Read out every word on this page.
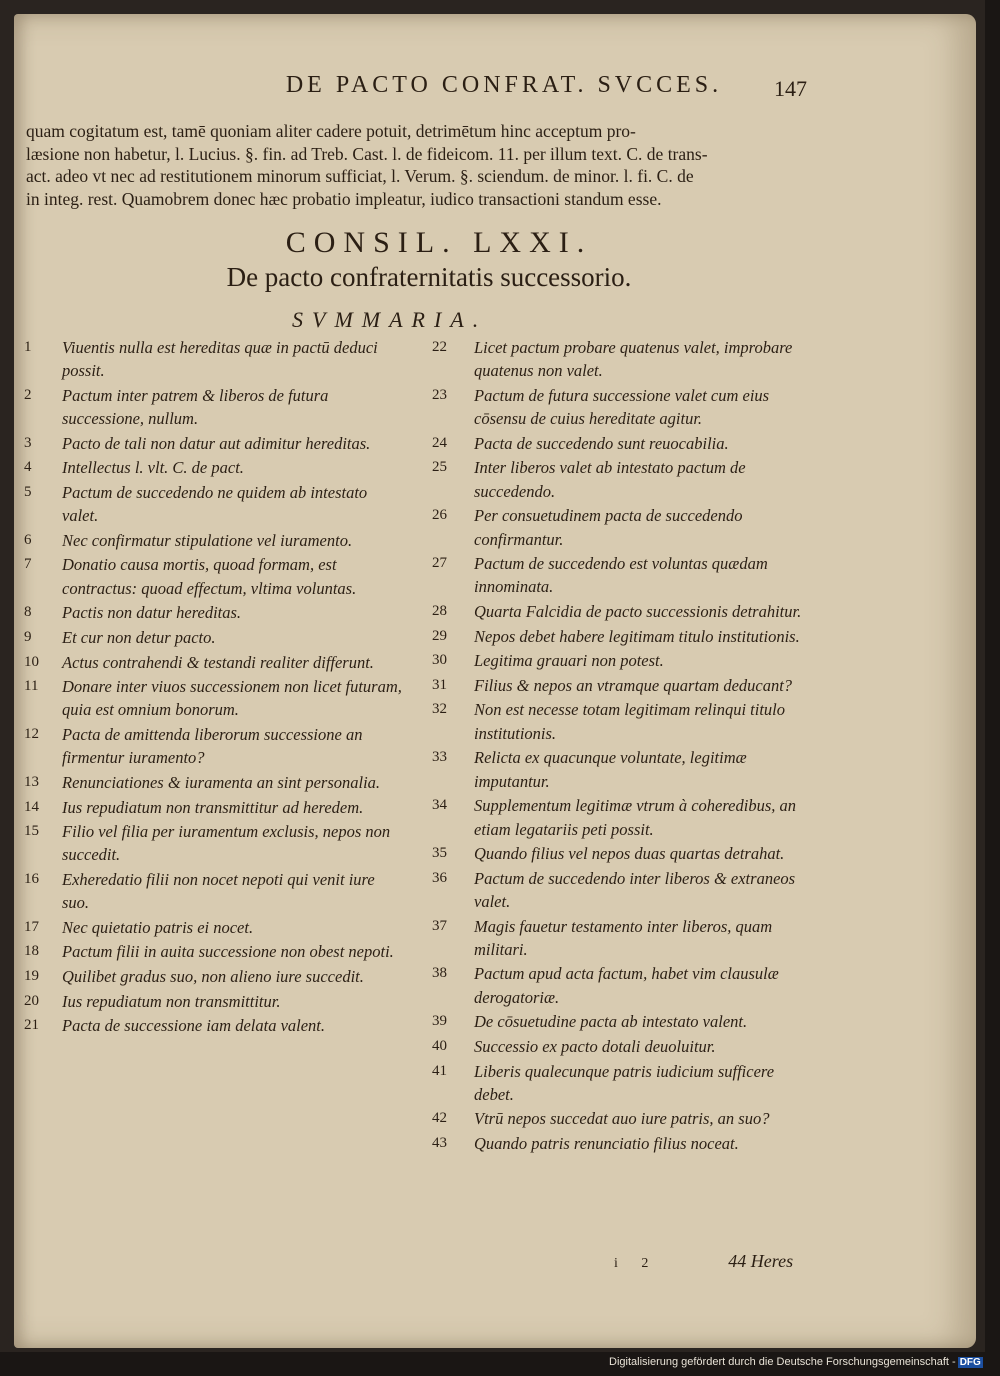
DE PACTO CONFRAT. SVCCES.	147

quam cogitatum est, tamē quoniam aliter cadere potuit, detrimētum hinc acceptum pro-

læsione non habetur, l. Lucius. §. fin. ad Treb. Cast. l. de fideicom. 11. per illum text. C. de trans-

act. adeo vt nec ad restitutionem minorum sufficiat, l. Verum. §. sciendum. de minor. l. fi. C. de

in integ. rest. Quamobrem donec hæc probatio impleatur, iudico transactioni standum esse.

CONSIL. LXXI.
De pacto confraternitatis successorio.
SVMMARIA.
1	Viuentis nulla est hereditas quæ in pactū deduci possit.
2	Pactum inter patrem & liberos de futura successione, nullum.
3	Pacto de tali non datur aut adimitur hereditas.
4	Intellectus l. vlt. C. de pact.
5	Pactum de succedendo ne quidem ab intestato valet.
6	Nec confirmatur stipulatione vel iuramento.
7	Donatio causa mortis, quoad formam, est contractus: quoad effectum, vltima voluntas.
8	Pactis non datur hereditas.
9	Et cur non detur pacto.
10	Actus contrahendi & testandi realiter differunt.
11	Donare inter viuos successionem non licet futuram, quia est omnium bonorum.
12	Pacta de amittenda liberorum successione an firmentur iuramento?
13	Renunciationes & iuramenta an sint personalia.
14	Ius repudiatum non transmittitur ad heredem.
15	Filio vel filia per iuramentum exclusis, nepos non succedit.
16	Exheredatio filii non nocet nepoti qui venit iure suo.
17	Nec quietatio patris ei nocet.
18	Pactum filii in auita successione non obest nepoti.
19	Quilibet gradus suo, non alieno iure succedit.
20	Ius repudiatum non transmittitur.
21	Pacta de successione iam delata valent.
22	Licet pactum probare quatenus valet, improbare quatenus non valet.
23	Pactum de futura successione valet cum eius cōsensu de cuius hereditate agitur.
24	Pacta de succedendo sunt reuocabilia.
25	Inter liberos valet ab intestato pactum de succedendo.
26	Per consuetudinem pacta de succedendo confirmantur.
27	Pactum de succedendo est voluntas quædam innominata.
28	Quarta Falcidia de pacto successionis detrahitur.
29	Nepos debet habere legitimam titulo institutionis.
30	Legitima grauari non potest.
31	Filius & nepos an vtramque quartam deducant?
32	Non est necesse totam legitimam relinqui titulo institutionis.
33	Relicta ex quacunque voluntate, legitimæ imputantur.
34	Supplementum legitimæ vtrum à coheredibus, an etiam legatariis peti possit.
35	Quando filius vel nepos duas quartas detrahat.
36	Pactum de succedendo inter liberos & extraneos valet.
37	Magis fauetur testamento inter liberos, quam militari.
38	Pactum apud acta factum, habet vim clausulæ derogatoriæ.
39	De cōsuetudine pacta ab intestato valent.
40	Successio ex pacto dotali deuoluitur.
41	Liberis qualecunque patris iudicium sufficere debet.
42	Vtrū nepos succedat auo iure patris, an suo?
43	Quando patris renunciatio filius noceat.
i 2	44 Heres
Digitalisierung gefördert durch die Deutsche Forschungsgemeinschaft - DFG
